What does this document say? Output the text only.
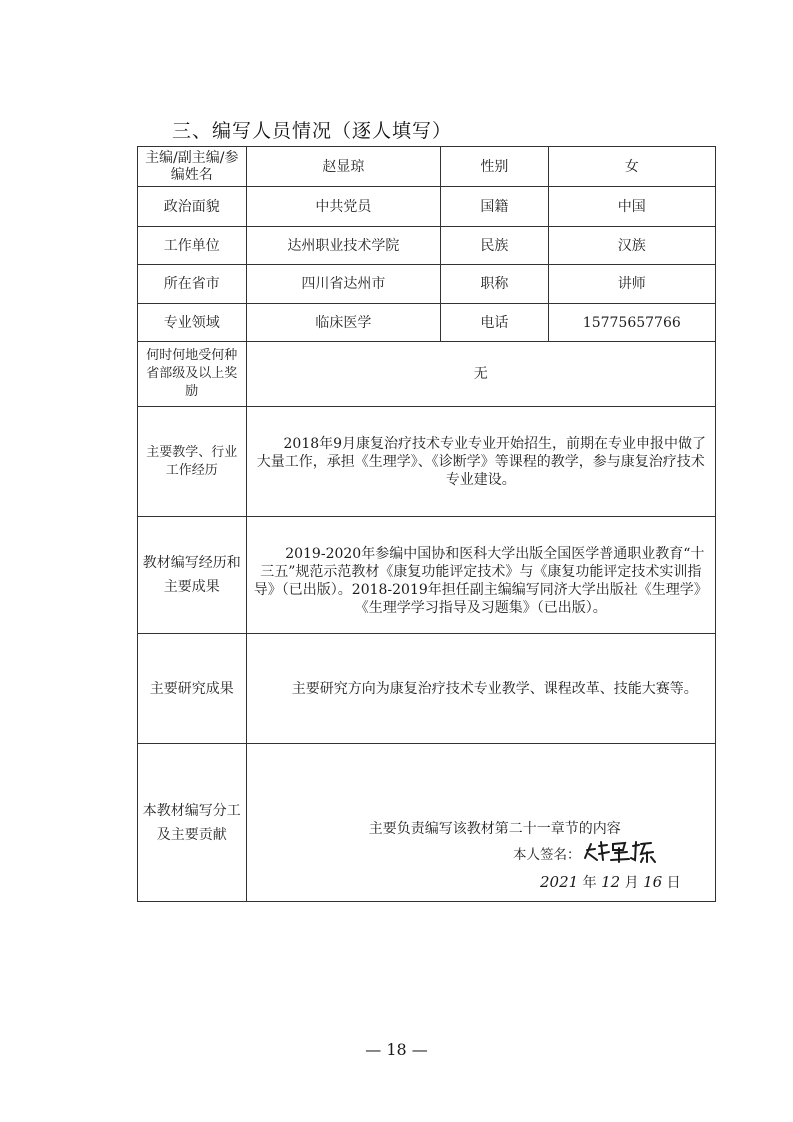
三、编写人员情况（逐人填写）
主编/副主编/参编姓名	赵显琼	性别	女
政治面貌	中共党员	国籍	中国
工作单位	达州职业技术学院	民族	汉族
所在省市	四川省达州市	职称	讲师
专业领域	临床医学	电话	15775657766
何时何地受何种省部级及以上奖励	无		
主要教学、行业工作经历	2018年9月康复治疗技术专业专业开始招生，前期在专业申报中做了大量工作，承担《生理学》、《诊断学》等课程的教学，参与康复治疗技术专业建设。		
教材编写经历和主要成果	2019-2020年参编中国协和医科大学出版全国医学普通职业教育“十三五”规范示范教材《康复功能评定技术》与《康复功能评定技术实训指导》（已出版）。2018-2019年担任副主编编写同济大学出版社《生理学》《生理学学习指导及习题集》（已出版）。		
主要研究成果	主要研究方向为康复治疗技术专业教学、课程改革、技能大赛等。		
本教材编写分工及主要贡献	主要负责编写该教材第二十一章节的内容		
本人签名：
2021 年 12 月 16 日
— 18 —
